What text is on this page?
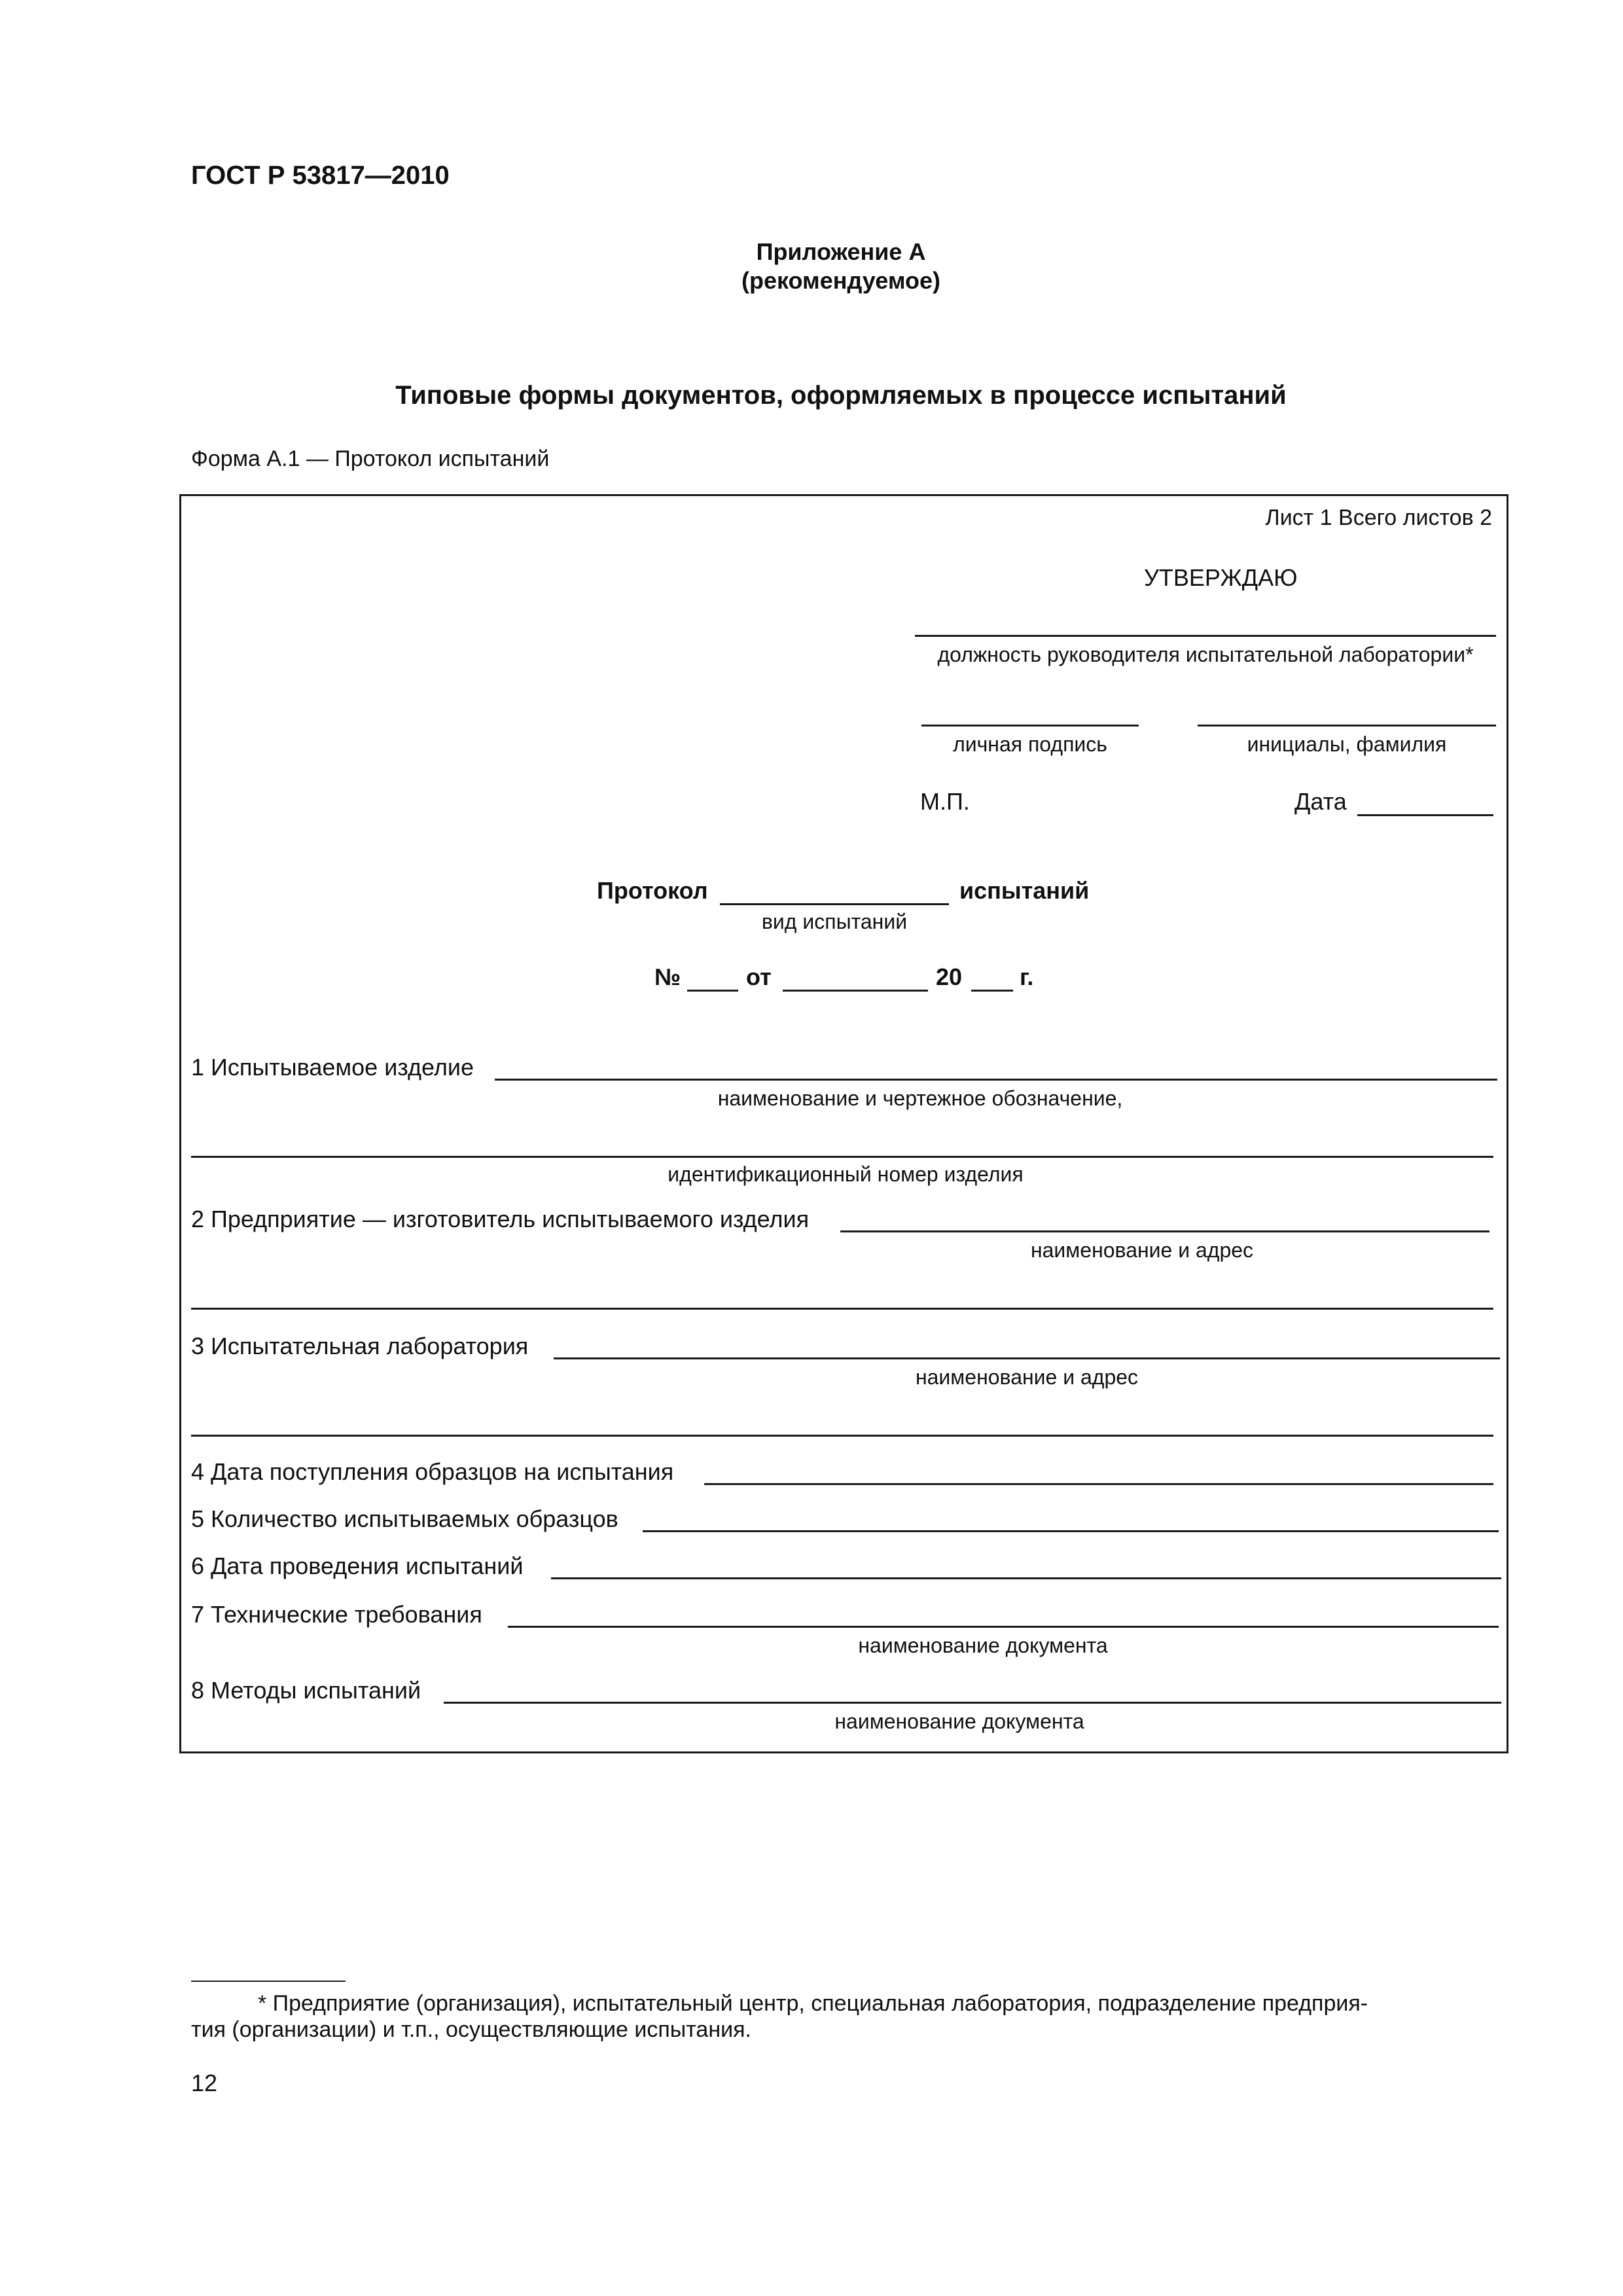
ГОСТ Р 53817—2010
Приложение А
(рекомендуемое)
Типовые формы документов, оформляемых в процессе испытаний
Форма А.1 — Протокол испытаний
Лист 1 Всего листов 2
УТВЕРЖДАЮ
должность руководителя испытательной лаборатории*
личная подпись	инициалы, фамилия
М.П.	Дата
Протокол	испытаний
вид испытаний
№	от	20 г.
1 Испытываемое изделие
наименование и чертежное обозначение,
идентификационный номер изделия
2 Предприятие — изготовитель испытываемого изделия
наименование и адрес
3 Испытательная лаборатория
наименование и адрес
4 Дата поступления образцов на испытания
5 Количество испытываемых образцов
6 Дата проведения испытаний
7 Технические требования
наименование документа
8 Методы испытаний
наименование документа
* Предприятие (организация), испытательный центр, специальная лаборатория, подразделение предприя-
тия (организации) и т.п., осуществляющие испытания.
12
